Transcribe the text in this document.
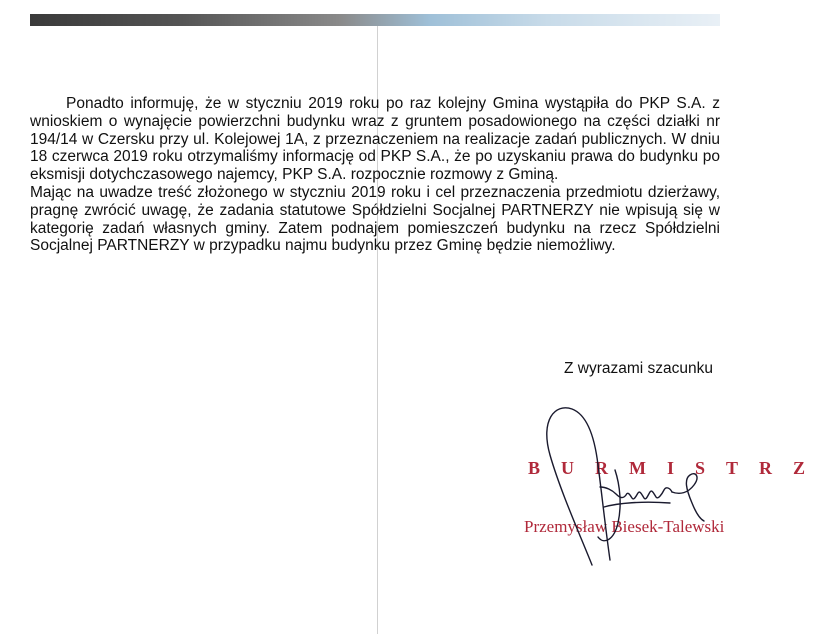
Ponadto informuję, że w styczniu 2019 roku po raz kolejny Gmina wystąpiła do PKP S.A. z wnioskiem o wynajęcie powierzchni budynku wraz z gruntem posadowionego na części działki nr 194/14 w Czersku przy ul. Kolejowej 1A, z przeznaczeniem na realizacje zadań publicznych. W dniu 18 czerwca 2019 roku otrzymaliśmy informację od PKP S.A., że po uzyskaniu prawa do budynku po eksmisji dotychczasowego najemcy, PKP S.A. rozpocznie rozmowy z Gminą.

Mając na uwadze treść złożonego w styczniu 2019 roku i cel przeznaczenia przedmiotu dzierżawy, pragnę zwrócić uwagę, że zadania statutowe Spółdzielni Socjalnej PARTNERZY nie wpisują się w kategorię zadań własnych gminy. Zatem podnajem pomieszczeń budynku na rzecz Spółdzielni Socjalnej PARTNERZY w przypadku najmu budynku przez Gminę będzie niemożliwy.

Z wyrazami szacunku
BURMISTRZ
Przemysław Biesek-Talewski
